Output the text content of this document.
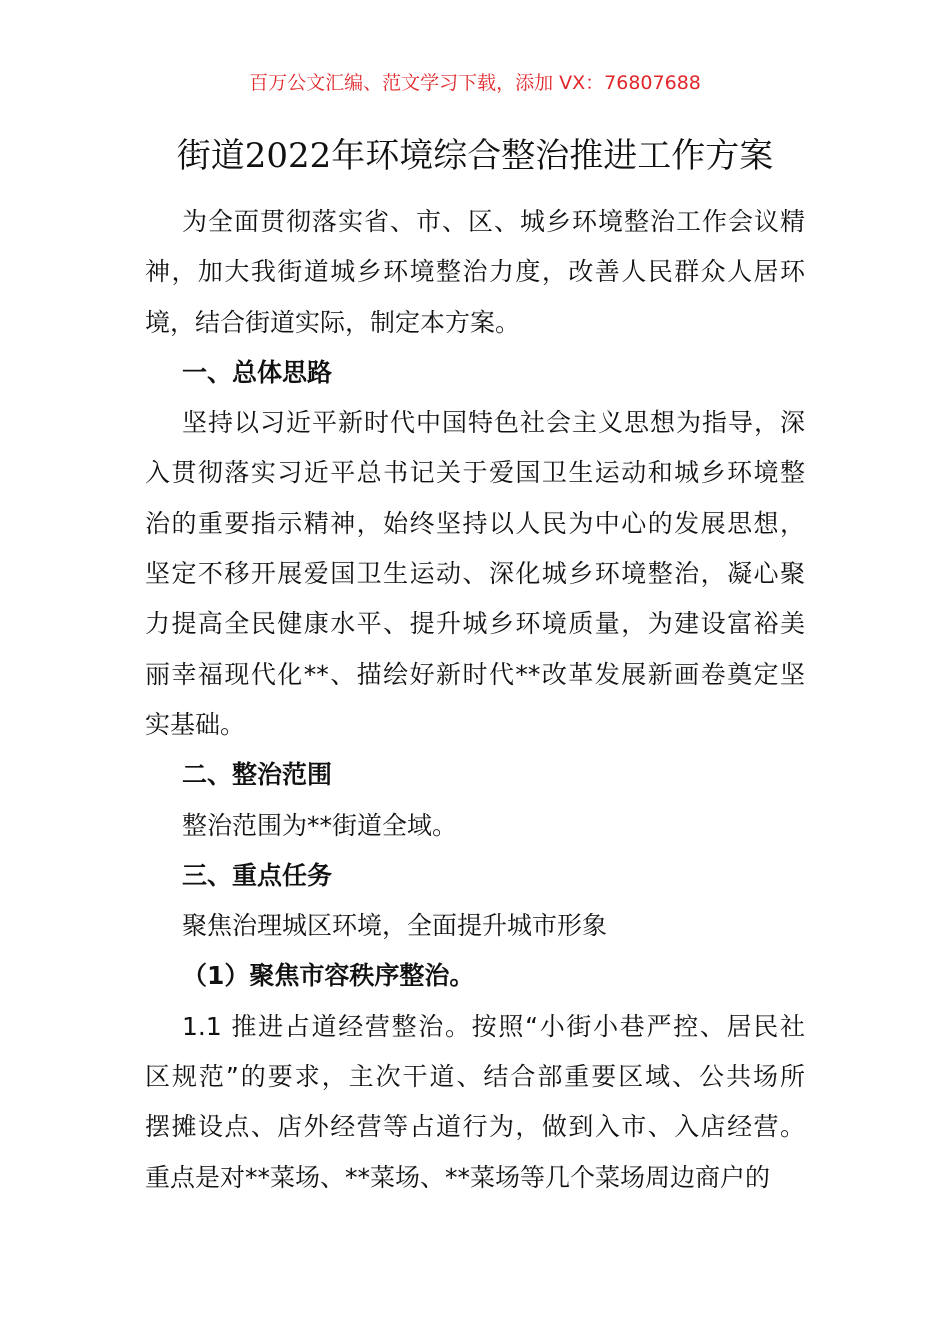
百万公文汇编、范文学习下载，添加 VX：76807688
街道2022年环境综合整治推进工作方案
为全面贯彻落实省、市、区、城乡环境整治工作会议精
神，加大我街道城乡环境整治力度，改善人民群众人居环
境，结合街道实际，制定本方案。
一、总体思路
坚持以习近平新时代中国特色社会主义思想为指导，深
入贯彻落实习近平总书记关于爱国卫生运动和城乡环境整
治的重要指示精神，始终坚持以人民为中心的发展思想，
坚定不移开展爱国卫生运动、深化城乡环境整治，凝心聚
力提高全民健康水平、提升城乡环境质量，为建设富裕美
丽幸福现代化**、描绘好新时代**改革发展新画卷奠定坚
实基础。
二、整治范围
整治范围为**街道全域。
三、重点任务
聚焦治理城区环境，全面提升城市形象
（1）聚焦市容秩序整治。
1.1 推进占道经营整治。按照“小街小巷严控、居民社
区规范”的要求，主次干道、结合部重要区域、公共场所
摆摊设点、店外经营等占道行为，做到入市、入店经营。
重点是对**菜场、**菜场、**菜场等几个菜场周边商户的
